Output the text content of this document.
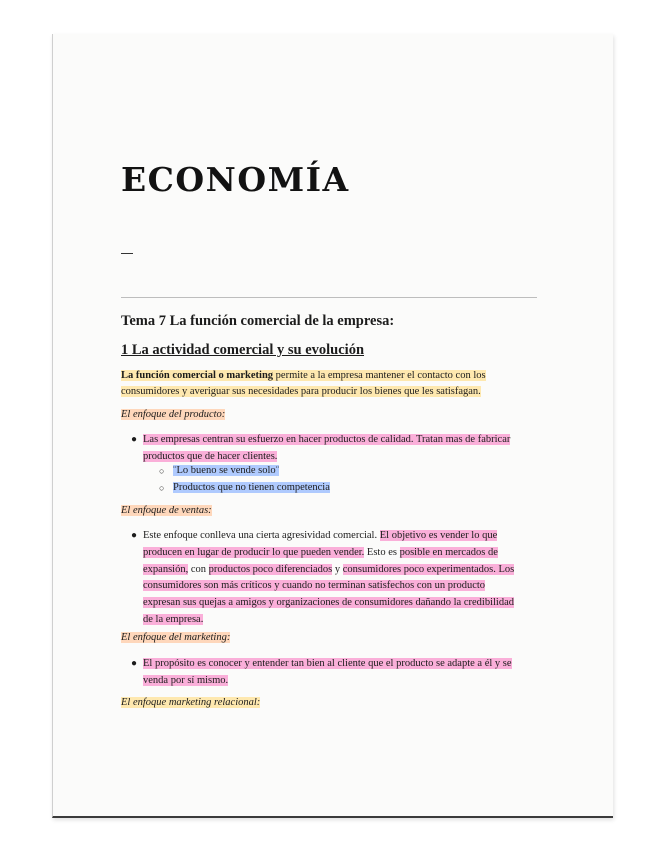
ECONOMÍA
Tema 7 La función comercial de la empresa:
1 La actividad comercial y su evolución

La función comercial o marketing permite a la empresa mantener el contacto con los
consumidores y averiguar sus necesidades para producir los bienes que les satisfagan.

El enfoque del producto:

● Las empresas centran su esfuerzo en hacer productos de calidad. Tratan mas de fabricar
productos que de hacer clientes.

○ ¨Lo bueno se vende solo¨

○ Productos que no tienen competencia

El enfoque de ventas:

● Este enfoque conlleva una cierta agresividad comercial. El objetivo es vender lo que
producen en lugar de producir lo que pueden vender. Esto es posible en mercados de
expansión, con productos poco diferenciados y consumidores poco experimentados. Los
consumidores son más críticos y cuando no terminan satisfechos con un producto
expresan sus quejas a amigos y organizaciones de consumidores dañando la credibilidad
de la empresa.

El enfoque del marketing:

● El propósito es conocer y entender tan bien al cliente que el producto se adapte a él y se
venda por sí mismo.

El enfoque marketing relacional:
